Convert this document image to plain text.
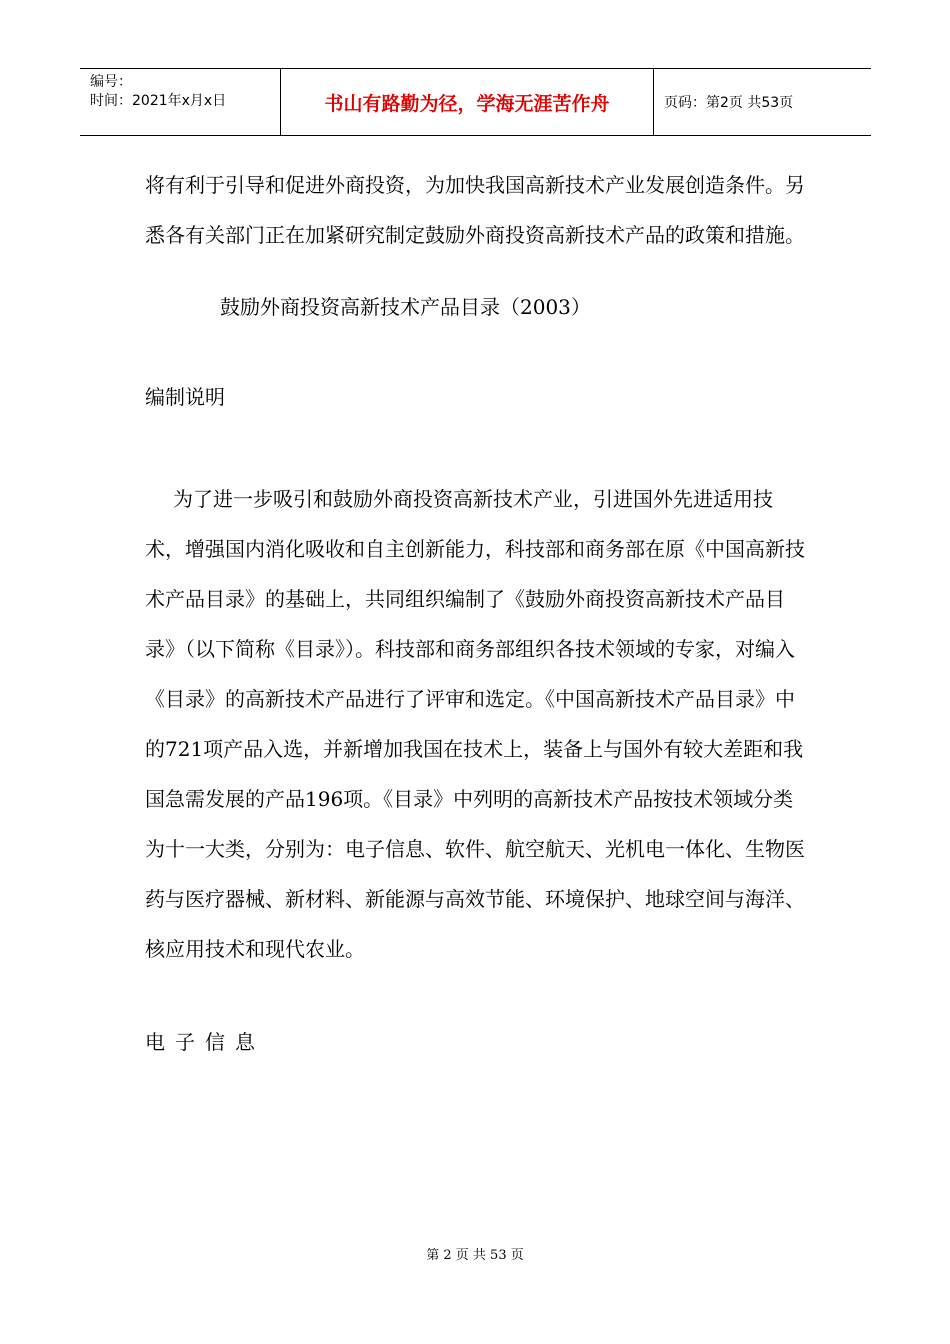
编号：
时间：2021年x月x日	书山有路勤为径，学海无涯苦作舟	页码：第2页 共53页

将有利于引导和促进外商投资，为加快我国高新技术产业发展创造条件。另悉各有关部门正在加紧研究制定鼓励外商投资高新技术产品的政策和措施。

鼓励外商投资高新技术产品目录（2003）

编制说明

为了进一步吸引和鼓励外商投资高新技术产业，引进国外先进适用技术，增强国内消化吸收和自主创新能力，科技部和商务部在原《中国高新技术产品目录》的基础上，共同组织编制了《鼓励外商投资高新技术产品目录》（以下简称《目录》）。科技部和商务部组织各技术领域的专家，对编入《目录》的高新技术产品进行了评审和选定。《中国高新技术产品目录》中的721项产品入选，并新增加我国在技术上，装备上与国外有较大差距和我国急需发展的产品196项。《目录》中列明的高新技术产品按技术领域分类为十一大类，分别为：电子信息、软件、航空航天、光机电一体化、生物医药与医疗器械、新材料、新能源与高效节能、环境保护、地球空间与海洋、核应用技术和现代农业。

电子信息

第 2 页 共 53 页
